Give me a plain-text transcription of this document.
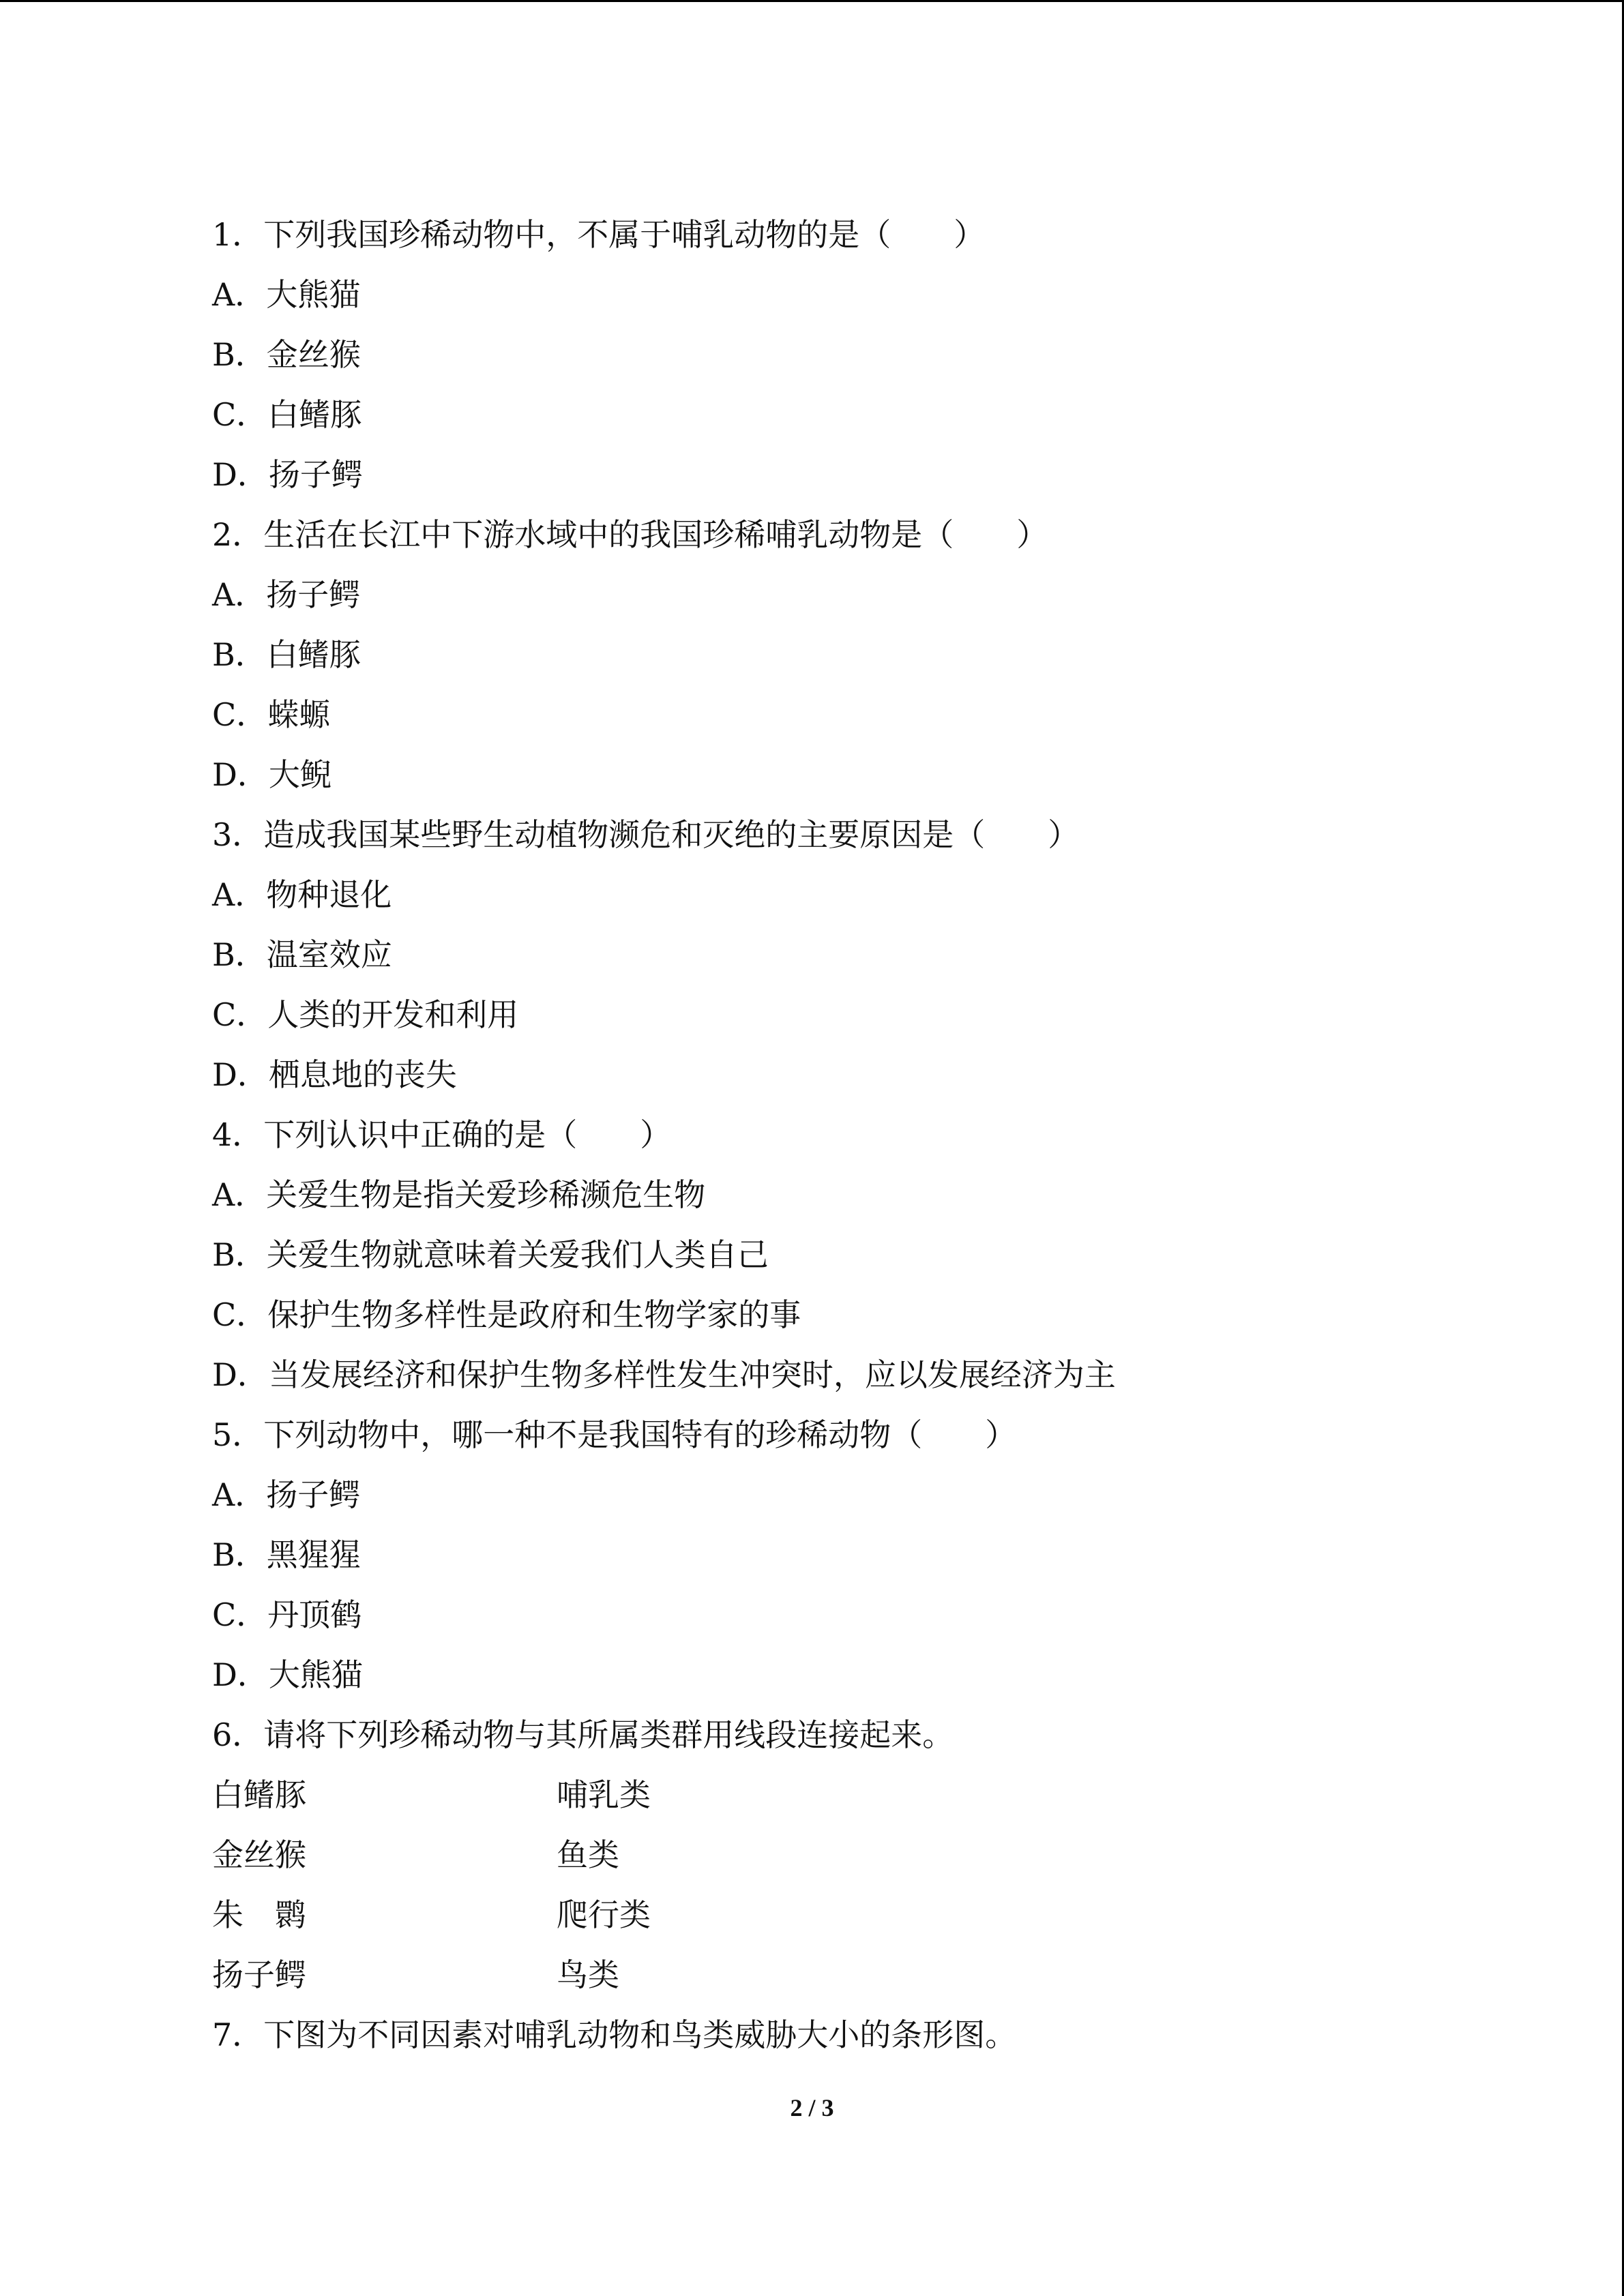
1．下列我国珍稀动物中，不属于哺乳动物的是（　　）
A．大熊猫
B．金丝猴
C．白鳍豚
D．扬子鳄
2．生活在长江中下游水域中的我国珍稀哺乳动物是（　　）
A．扬子鳄
B．白鳍豚
C．蝾螈
D．大鲵
3．造成我国某些野生动植物濒危和灭绝的主要原因是（　　）
A．物种退化
B．温室效应
C．人类的开发和利用
D．栖息地的丧失
4．下列认识中正确的是（　　）
A．关爱生物是指关爱珍稀濒危生物
B．关爱生物就意味着关爱我们人类自己
C．保护生物多样性是政府和生物学家的事
D．当发展经济和保护生物多样性发生冲突时，应以发展经济为主
5．下列动物中，哪一种不是我国特有的珍稀动物（　　）
A．扬子鳄
B．黑猩猩
C．丹顶鹤
D．大熊猫
6．请将下列珍稀动物与其所属类群用线段连接起来。
白鳍豚	哺乳类
金丝猴	鱼类
朱　鹮	爬行类
扬子鳄	鸟类
7．下图为不同因素对哺乳动物和鸟类威胁大小的条形图。
2 / 3
